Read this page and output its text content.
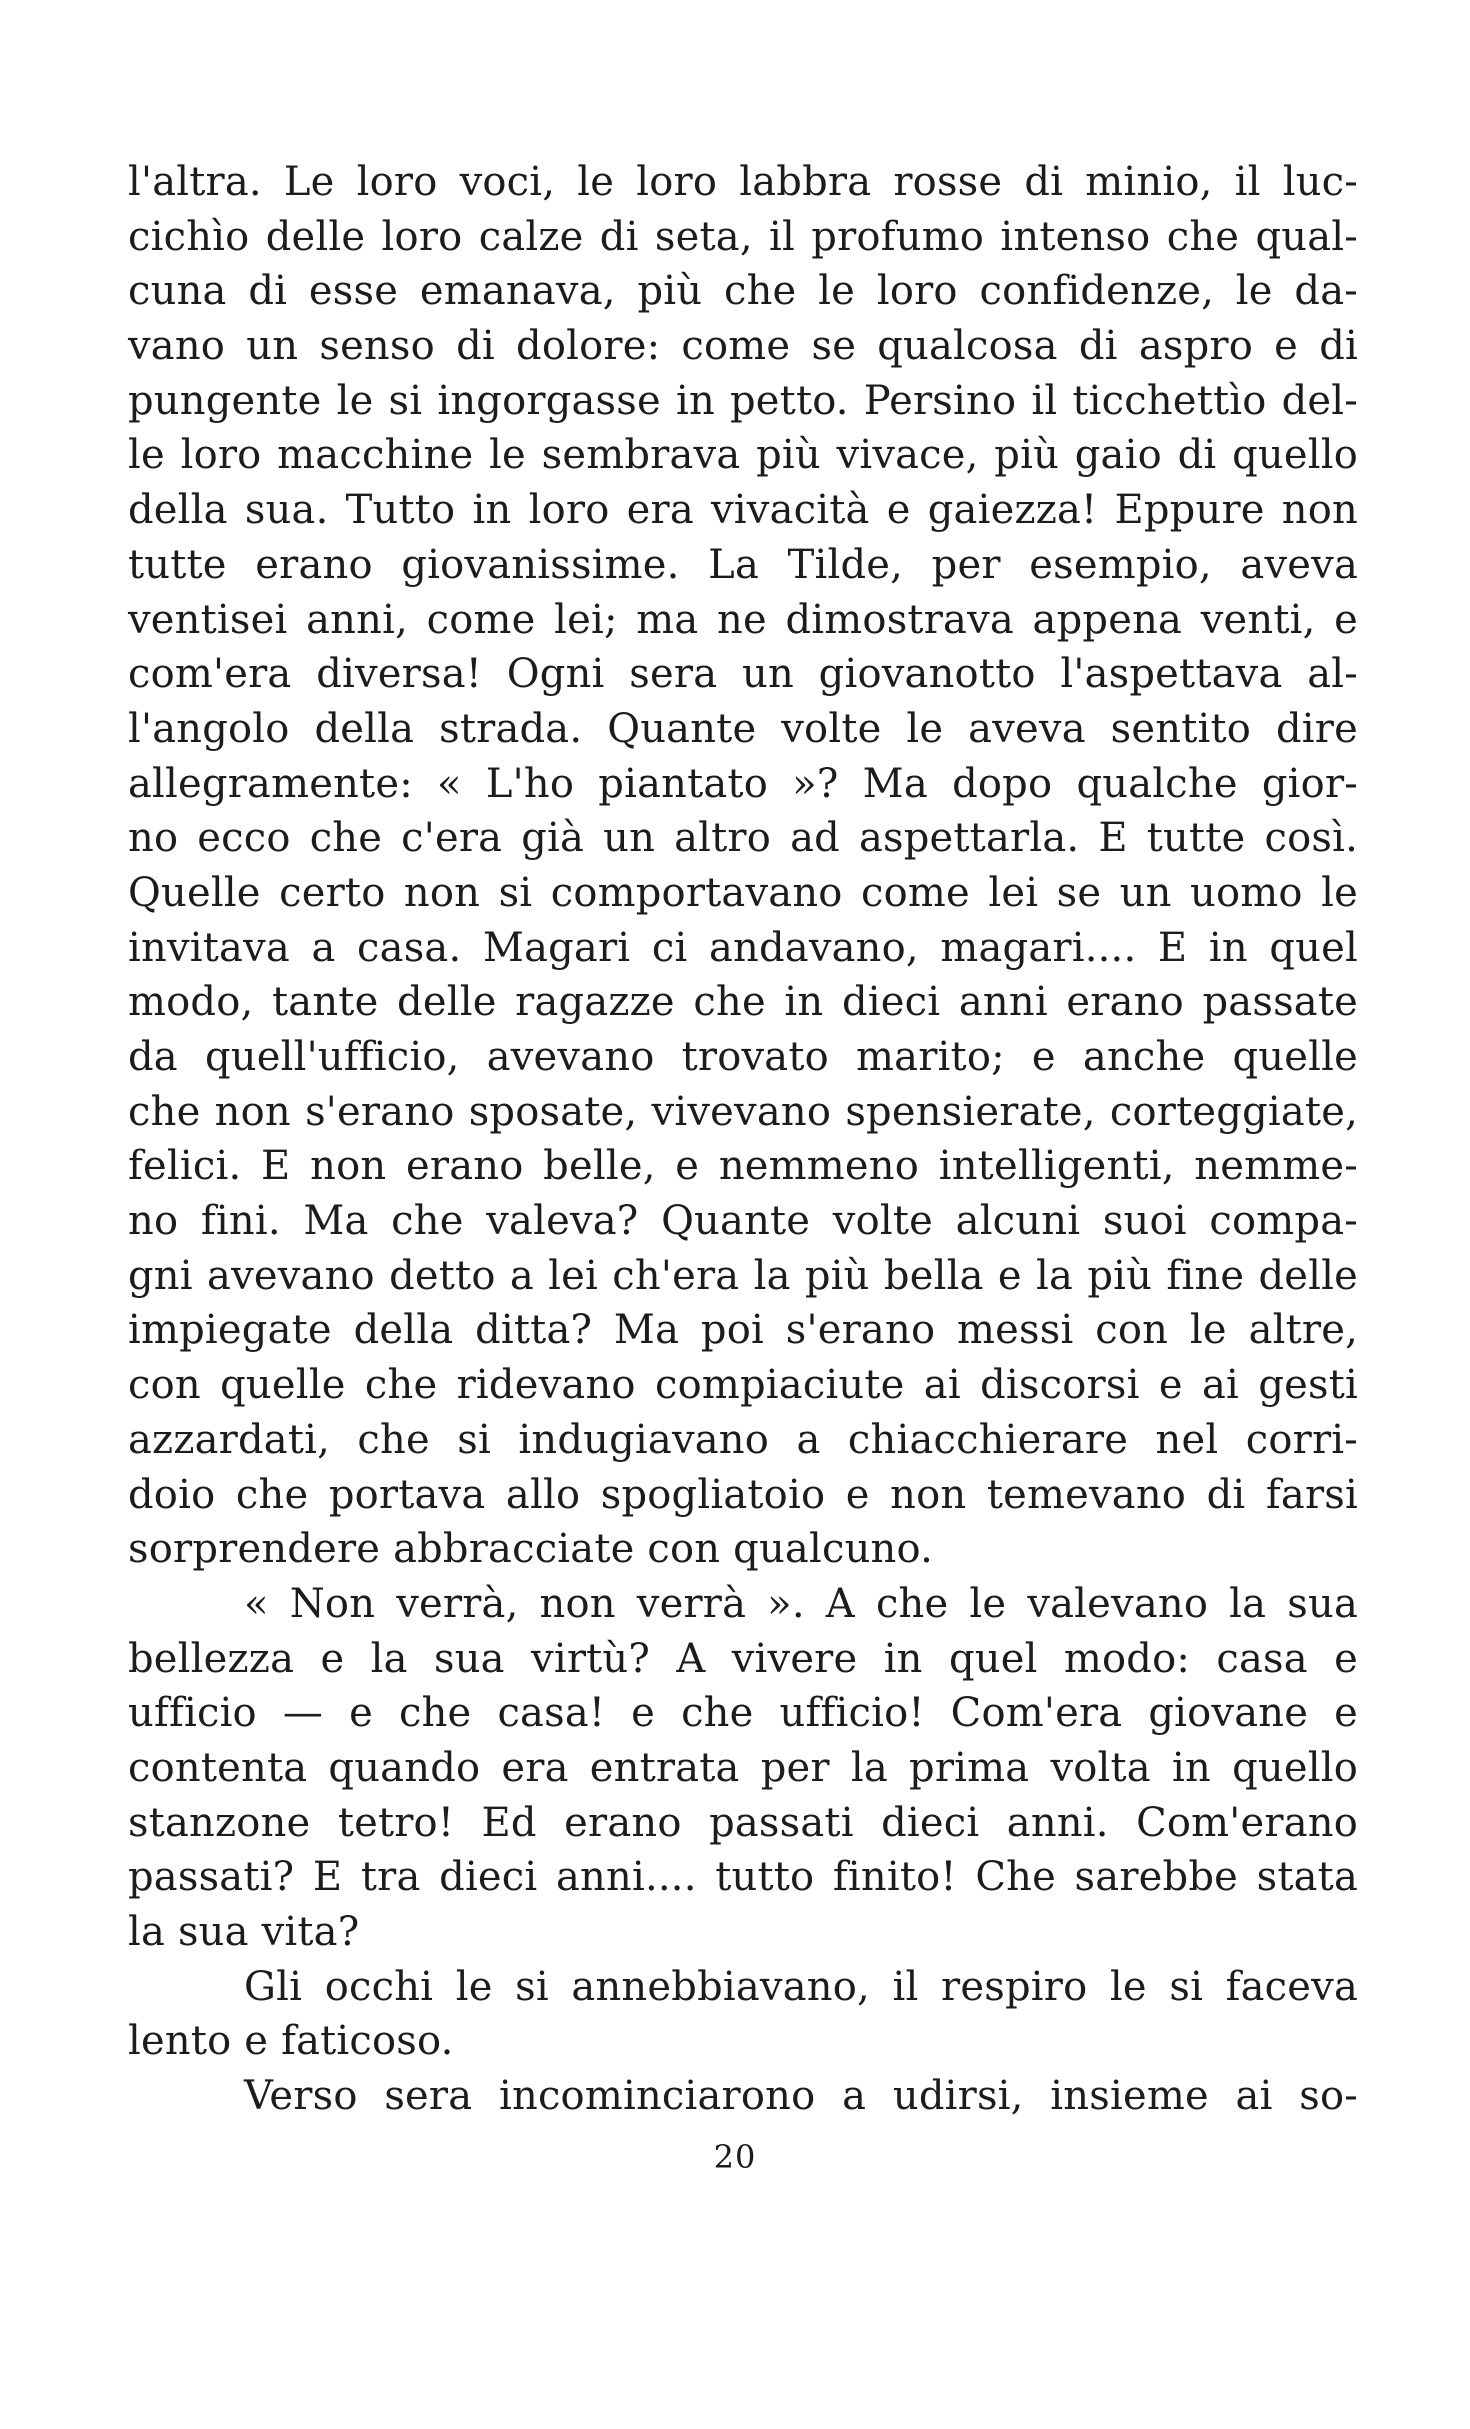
l'altra. Le loro voci, le loro labbra rosse di minio, il luc-
cichìo delle loro calze di seta, il profumo intenso che qual-
cuna di esse emanava, più che le loro confidenze, le da-
vano un senso di dolore: come se qualcosa di aspro e di
pungente le si ingorgasse in petto. Persino il ticchettìo del-
le loro macchine le sembrava più vivace, più gaio di quello
della sua. Tutto in loro era vivacità e gaiezza! Eppure non
tutte erano giovanissime. La Tilde, per esempio, aveva
ventisei anni, come lei; ma ne dimostrava appena venti, e
com'era diversa! Ogni sera un giovanotto l'aspettava al-
l'angolo della strada. Quante volte le aveva sentito dire
allegramente: « L'ho piantato »? Ma dopo qualche gior-
no ecco che c'era già un altro ad aspettarla. E tutte così.
Quelle certo non si comportavano come lei se un uomo le
invitava a casa. Magari ci andavano, magari.... E in quel
modo, tante delle ragazze che in dieci anni erano passate
da quell'ufficio, avevano trovato marito; e anche quelle
che non s'erano sposate, vivevano spensierate, corteggiate,
felici. E non erano belle, e nemmeno intelligenti, nemme-
no fini. Ma che valeva? Quante volte alcuni suoi compa-
gni avevano detto a lei ch'era la più bella e la più fine delle
impiegate della ditta? Ma poi s'erano messi con le altre,
con quelle che ridevano compiaciute ai discorsi e ai gesti
azzardati, che si indugiavano a chiacchierare nel corri-
doio che portava allo spogliatoio e non temevano di farsi
sorprendere abbracciate con qualcuno.
« Non verrà, non verrà ». A che le valevano la sua
bellezza e la sua virtù? A vivere in quel modo: casa e
ufficio — e che casa! e che ufficio! Com'era giovane e
contenta quando era entrata per la prima volta in quello
stanzone tetro! Ed erano passati dieci anni. Com'erano
passati? E tra dieci anni.... tutto finito! Che sarebbe stata
la sua vita?
Gli occhi le si annebbiavano, il respiro le si faceva
lento e faticoso.
Verso sera incominciarono a udirsi, insieme ai so-
20
